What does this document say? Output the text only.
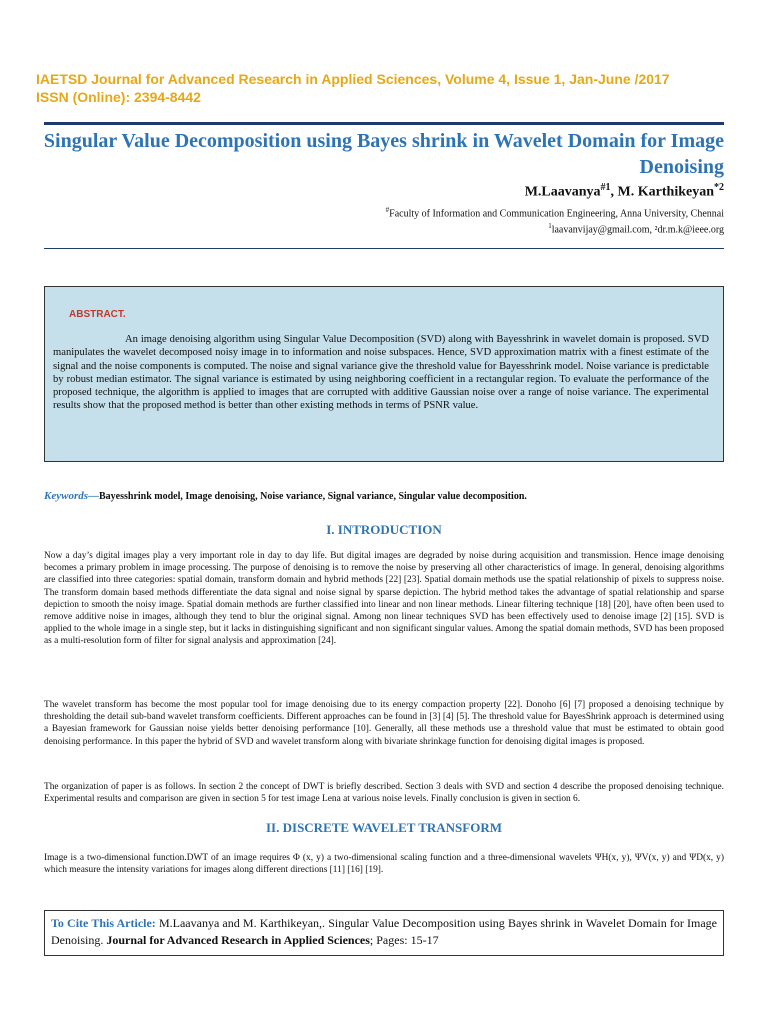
IAETSD Journal for Advanced Research in Applied Sciences, Volume 4, Issue 1, Jan-June /2017
ISSN (Online): 2394-8442
Singular Value Decomposition using Bayes shrink in Wavelet Domain for Image Denoising
M.Laavanya$^{\#1}$, M. Karthikeyan$^{*2}$
#Faculty of Information and Communication Engineering, Anna University, Chennai
$^1$laavanvijay@gmail.com, ²dr.m.k@ieee.org
ABSTRACT.
An image denoising algorithm using Singular Value Decomposition (SVD) along with Bayesshrink in wavelet domain is proposed. SVD manipulates the wavelet decomposed noisy image in to information and noise subspaces. Hence, SVD approximation matrix with a finest estimate of the signal and the noise components is computed. The noise and signal variance give the threshold value for Bayesshrink model. Noise variance is predictable by robust median estimator. The signal variance is estimated by using neighboring coefficient in a rectangular region. To evaluate the performance of the proposed technique, the algorithm is applied to images that are corrupted with additive Gaussian noise over a range of noise variance. The experimental results show that the proposed method is better than other existing methods in terms of PSNR value.
Keywords—Bayesshrink model, Image denoising, Noise variance, Signal variance, Singular value decomposition.
I. INTRODUCTION
Now a day’s digital images play a very important role in day to day life. But digital images are degraded by noise during acquisition and transmission. Hence image denoising becomes a primary problem in image processing. The purpose of denoising is to remove the noise by preserving all other characteristics of image. In general, denoising algorithms are classified into three categories: spatial domain, transform domain and hybrid methods [22] [23]. Spatial domain methods use the spatial relationship of pixels to suppress noise. The transform domain based methods differentiate the data signal and noise signal by sparse depiction. The hybrid method takes the advantage of spatial relationship and sparse depiction to smooth the noisy image. Spatial domain methods are further classified into linear and non linear methods. Linear filtering technique [18] [20], have often been used to remove additive noise in images, although they tend to blur the original signal. Among non linear techniques SVD has been effectively used to denoise image [2] [15]. SVD is applied to the whole image in a single step, but it lacks in distinguishing significant and non significant singular values. Among the spatial domain methods, SVD has been proposed as a multi-resolution form of filter for signal analysis and approximation [24].
The wavelet transform has become the most popular tool for image denoising due to its energy compaction property [22]. Donoho [6] [7] proposed a denoising technique by thresholding the detail sub-band wavelet transform coefficients. Different approaches can be found in [3] [4] [5]. The threshold value for BayesShrink approach is determined using a Bayesian framework for Gaussian noise yields better denoising performance [10]. Generally, all these methods use a threshold value that must be estimated to obtain good denoising performance. In this paper the hybrid of SVD and wavelet transform along with bivariate shrinkage function for denoising digital images is proposed.
The organization of paper is as follows. In section 2 the concept of DWT is briefly described. Section 3 deals with SVD and section 4 describe the proposed denoising technique. Experimental results and comparison are given in section 5 for test image Lena at various noise levels. Finally conclusion is given in section 6.
II. DISCRETE WAVELET TRANSFORM
Image is a two-dimensional function.DWT of an image requires Φ (x, y) a two-dimensional scaling function and a three-dimensional wavelets ΨH(x, y), ΨV(x, y) and ΨD(x, y) which measure the intensity variations for images along different directions [11] [16] [19].
To Cite This Article: M.Laavanya and M. Karthikeyan,. Singular Value Decomposition using Bayes shrink in Wavelet Domain for Image Denoising. Journal for Advanced Research in Applied Sciences; Pages: 15-17
